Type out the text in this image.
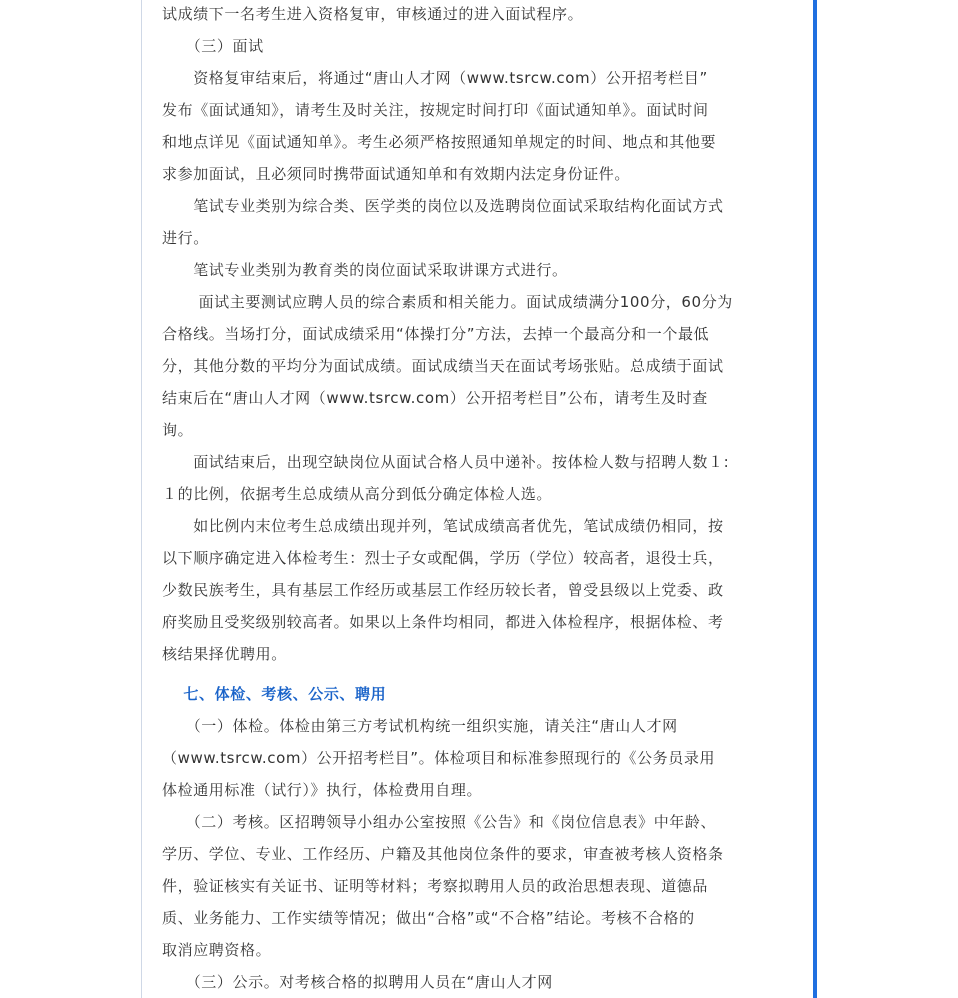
试成绩下一名考生进入资格复审，审核通过的进入面试程序。

　　（三）面试

　　资格复审结束后，将通过“唐山人才网（www.tsrcw.com）公开招考栏目”

发布《面试通知》，请考生及时关注，按规定时间打印《面试通知单》。面试时间

和地点详见《面试通知单》。考生必须严格按照通知单规定的时间、地点和其他要

求参加面试，且必须同时携带面试通知单和有效期内法定身份证件。

　　笔试专业类别为综合类、医学类的岗位以及选聘岗位面试采取结构化面试方式

进行。

　　笔试专业类别为教育类的岗位面试采取讲课方式进行。

　　 面试主要测试应聘人员的综合素质和相关能力。面试成绩满分100分，60分为

合格线。当场打分，面试成绩采用“体操打分”方法，去掉一个最高分和一个最低

分，其他分数的平均分为面试成绩。面试成绩当天在面试考场张贴。总成绩于面试

结束后在“唐山人才网（www.tsrcw.com）公开招考栏目”公布，请考生及时查

询。

　　面试结束后，出现空缺岗位从面试合格人员中递补。按体检人数与招聘人数１:

１的比例，依据考生总成绩从高分到低分确定体检人选。

　　如比例内末位考生总成绩出现并列，笔试成绩高者优先，笔试成绩仍相同，按

以下顺序确定进入体检考生：烈士子女或配偶，学历（学位）较高者，退役士兵，

少数民族考生，具有基层工作经历或基层工作经历较长者，曾受县级以上党委、政

府奖励且受奖级别较高者。如果以上条件均相同，都进入体检程序，根据体检、考

核结果择优聘用。

　 七、体检、考核、公示、聘用

　　（一）体检。体检由第三方考试机构统一组织实施，请关注“唐山人才网

（www.tsrcw.com）公开招考栏目”。体检项目和标准参照现行的《公务员录用

体检通用标准（试行）》执行，体检费用自理。

　　（二）考核。区招聘领导小组办公室按照《公告》和《岗位信息表》中年龄、

学历、学位、专业、工作经历、户籍及其他岗位条件的要求，审查被考核人资格条

件，验证核实有关证书、证明等材料；考察拟聘用人员的政治思想表现、道德品

质、业务能力、工作实绩等情况；做出“合格”或“不合格”结论。考核不合格的

取消应聘资格。

　　（三）公示。对考核合格的拟聘用人员在“唐山人才网
